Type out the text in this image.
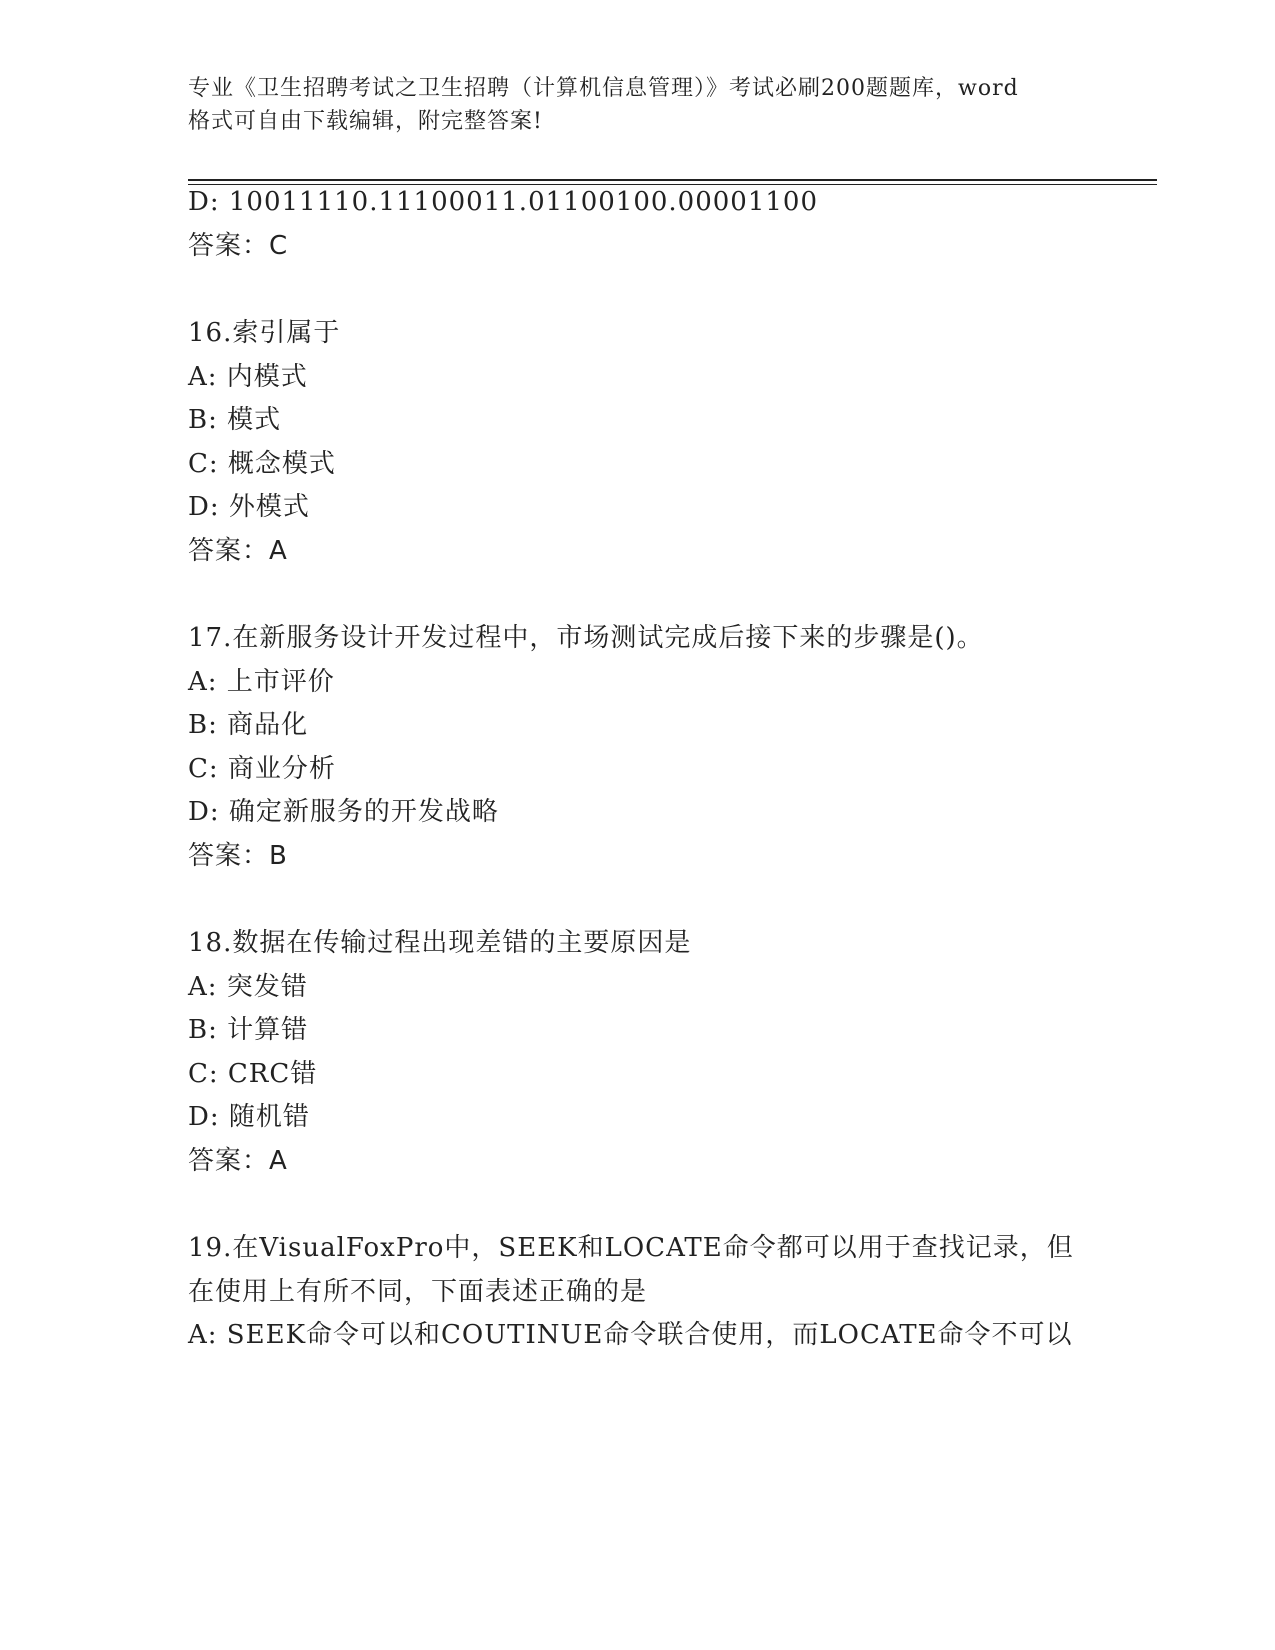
专业《卫生招聘考试之卫生招聘（计算机信息管理）》考试必刷200题题库，word
格式可自由下载编辑，附完整答案!
D: 10011110.11100011.01100100.00001100
答案：C
16.索引属于
A: 内模式
B: 模式
C: 概念模式
D: 外模式
答案：A
17.在新服务设计开发过程中，市场测试完成后接下来的步骤是()。
A: 上市评价
B: 商品化
C: 商业分析
D: 确定新服务的开发战略
答案：B
18.数据在传输过程出现差错的主要原因是
A: 突发错
B: 计算错
C: CRC错
D: 随机错
答案：A
19.在VisualFoxPro中，SEEK和LOCATE命令都可以用于查找记录，但
在使用上有所不同，下面表述正确的是
A: SEEK命令可以和COUTINUE命令联合使用，而LOCATE命令不可以
